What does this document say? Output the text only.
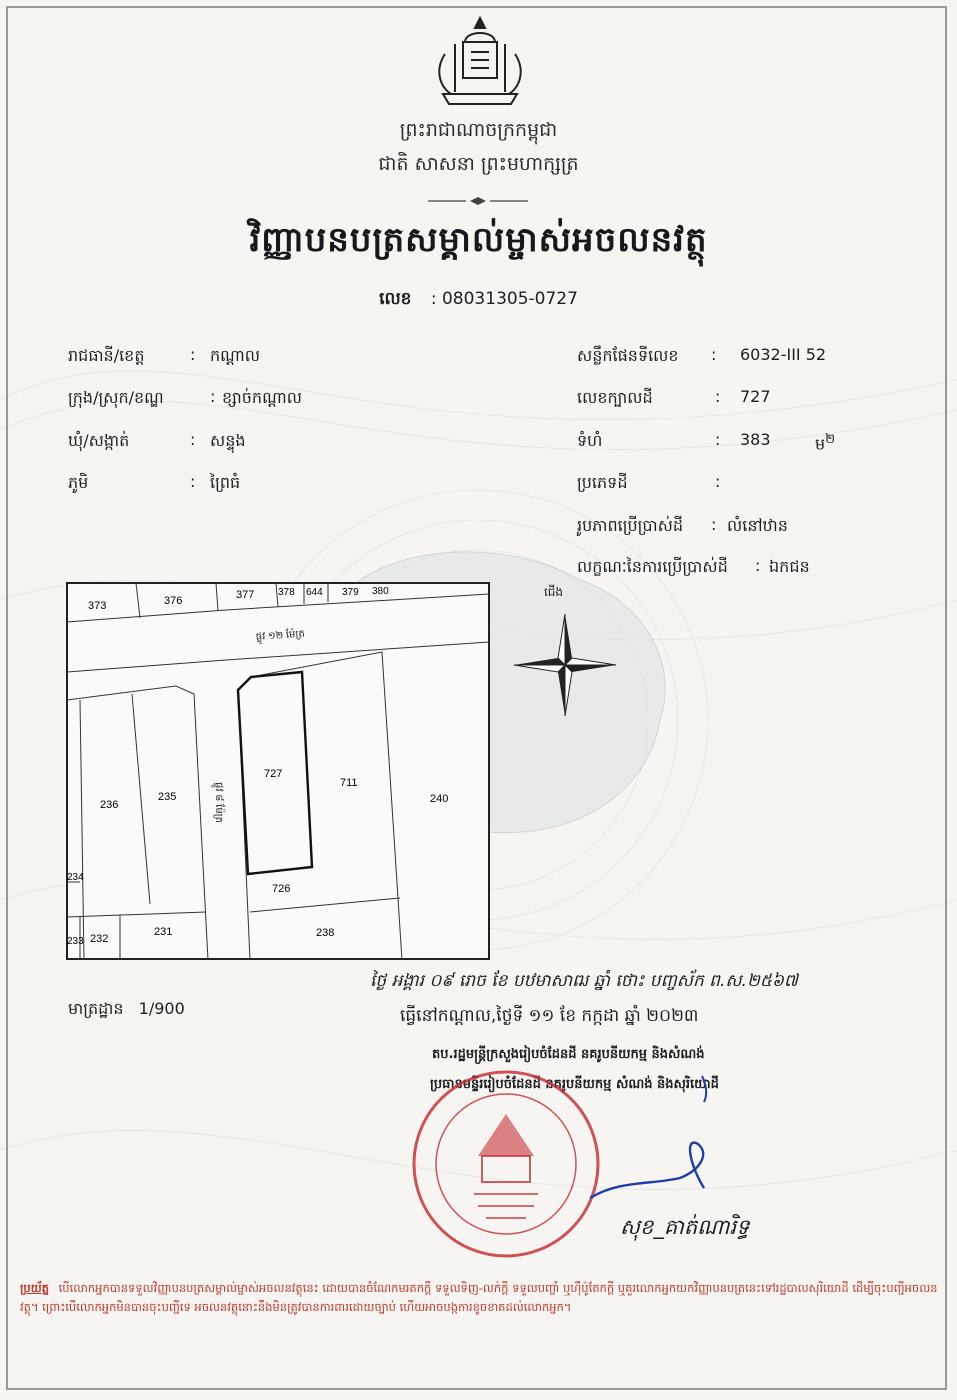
ព្រះរាជាណាចក្រកម្ពុជា
ជាតិ សាសនា ព្រះមហាក្សត្រ
វិញ្ញាបនបត្រសម្គាល់ម្ចាស់អចលនវត្ថុ
លេខ : 08031305-0727
រាជធានី/ខេត្ត	: កណ្តាល
ក្រុង/ស្រុក/ខណ្ឌ	: ខ្សាច់កណ្តាល
ឃុំ/សង្កាត់	: សន្ទុង
ភូមិ	: ព្រៃធំ
សន្លឹកផែនទីលេខ : 6032-III 52
លេខក្បាលដី	: 727
ទំហំ	: 383	ម$^២$
ប្រភេទដី	:
រូបភាពប្រើប្រាស់ដី : លំនៅឋាន
លក្ខណៈនៃការប្រើប្រាស់ដី : ឯកជន
ផ្លូវ ១២ ម៉ែត្រ
ផ្លូវ ៨ ម៉ែត្រ
373	376	377 378 644 379 380
236
235
727
711
240
234
726
233 232
231	238
ជើង
មាត្រដ្ឋាន 1/900
ថ្ងៃ អង្គារ ០៩ រោច ខែ បឋមាសាឍ ឆ្នាំ ថោះ បញ្ចស័ក ព.ស.២៥៦៧
ធ្វើនៅកណ្តាល,ថ្ងៃទី ១១ ខែ កក្កដា ឆ្នាំ ២០២៣
តប.រដ្ឋមន្ត្រីក្រសួងរៀបចំដែនដី នគរូបនីយកម្ម និងសំណង់
ប្រធានមន្ទីររៀបចំដែនដី នគរូបនីយកម្ម សំណង់ និងសុរិយោដី
សុខ_គាត់ណារិទ្ធ
ប្រយ័ត្ន បើលោកអ្នកបានទទួលវិញ្ញាបនបត្រសម្គាល់ម្ចាស់អចលនវត្ថុនេះ ដោយបានចំណែកមរតកក្តី ទទួលទិញ-លក់ក្តី ទទួលបញ្ចាំ ឬហ៊ីប៉ូតែកក្តី ឬគួរលោកអ្នកយកវិញ្ញាបនបត្រនេះទៅរដ្ឋបាលសុរិយោដី ដើម្បីចុះបញ្ជីអចលនវត្ថុ។ ព្រោះបើលោកអ្នកមិនបានចុះបញ្ជីទេ អចលនវត្ថុនោះនឹងមិនត្រូវបានការពារដោយច្បាប់ ហើយអាចបង្កការខូចខាតដល់លោកអ្នក។
